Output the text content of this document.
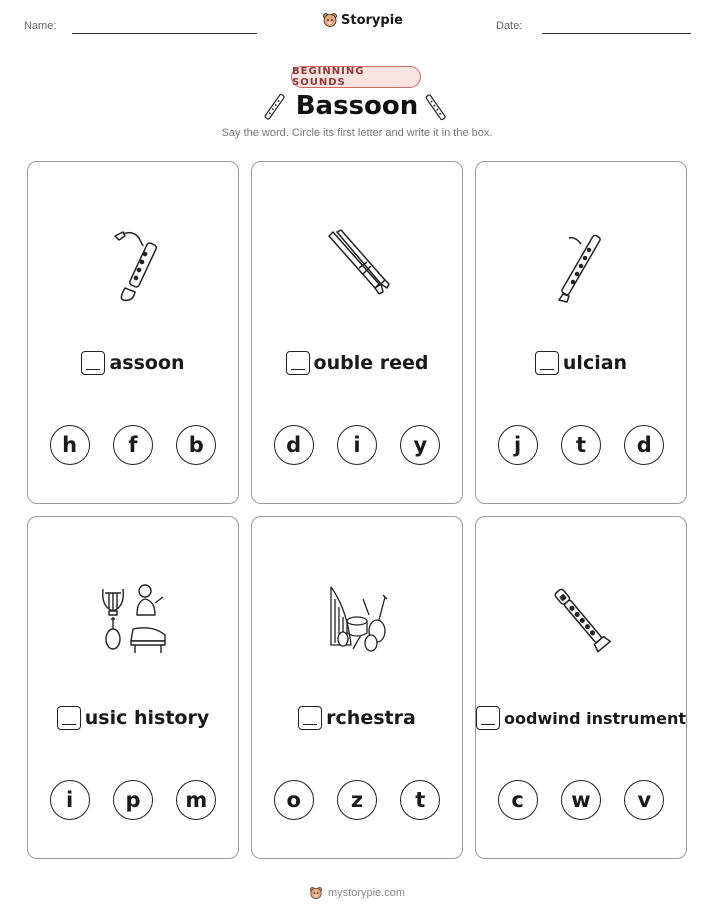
Name:	Storypie	Date:
BEGINNING SOUNDS
Bassoon
Say the word. Circle its first letter and write it in the box.
assoon
h	f	b
ouble reed
d	i	y
ulcian
j	t	d
usic history
i	p	m
rchestra
o	z	t
oodwind instrument
c	w	v
mystorypie.com
